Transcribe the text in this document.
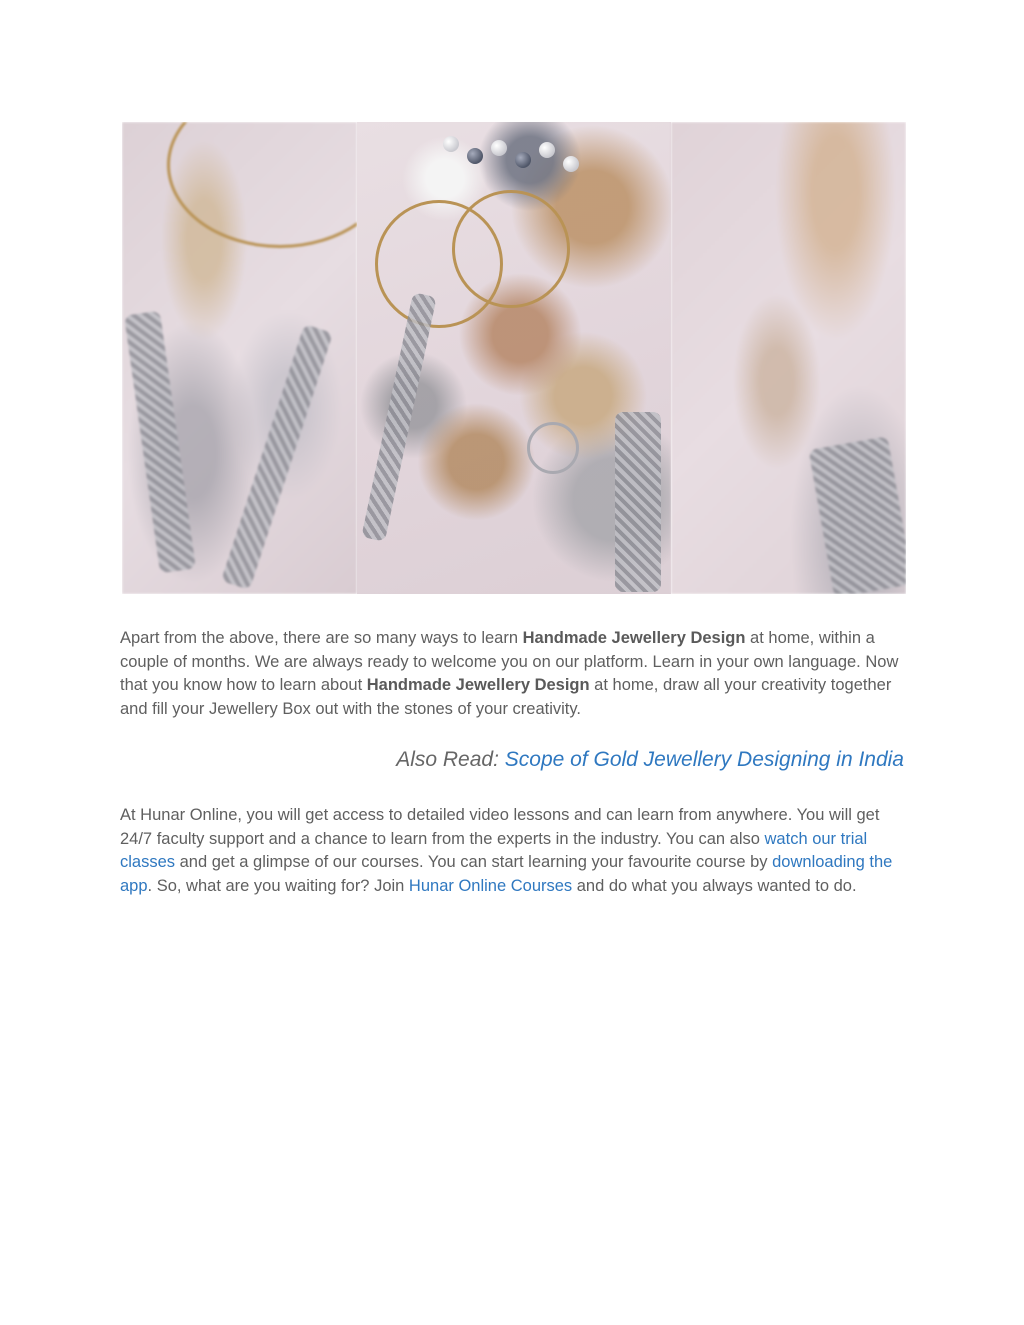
Apart from the above, there are so many ways to learn Handmade Jewellery Design at home, within a couple of months. We are always ready to welcome you on our platform. Learn in your own language. Now that you know how to learn about Handmade Jewellery Design at home, draw all your creativity together and fill your Jewellery Box out with the stones of your creativity.

Also Read: Scope of Gold Jewellery Designing in India

At Hunar Online, you will get access to detailed video lessons and can learn from anywhere. You will get 24/7 faculty support and a chance to learn from the experts in the industry. You can also watch our trial classes and get a glimpse of our courses. You can start learning your favourite course by downloading the app. So, what are you waiting for? Join Hunar Online Courses and do what you always wanted to do.
